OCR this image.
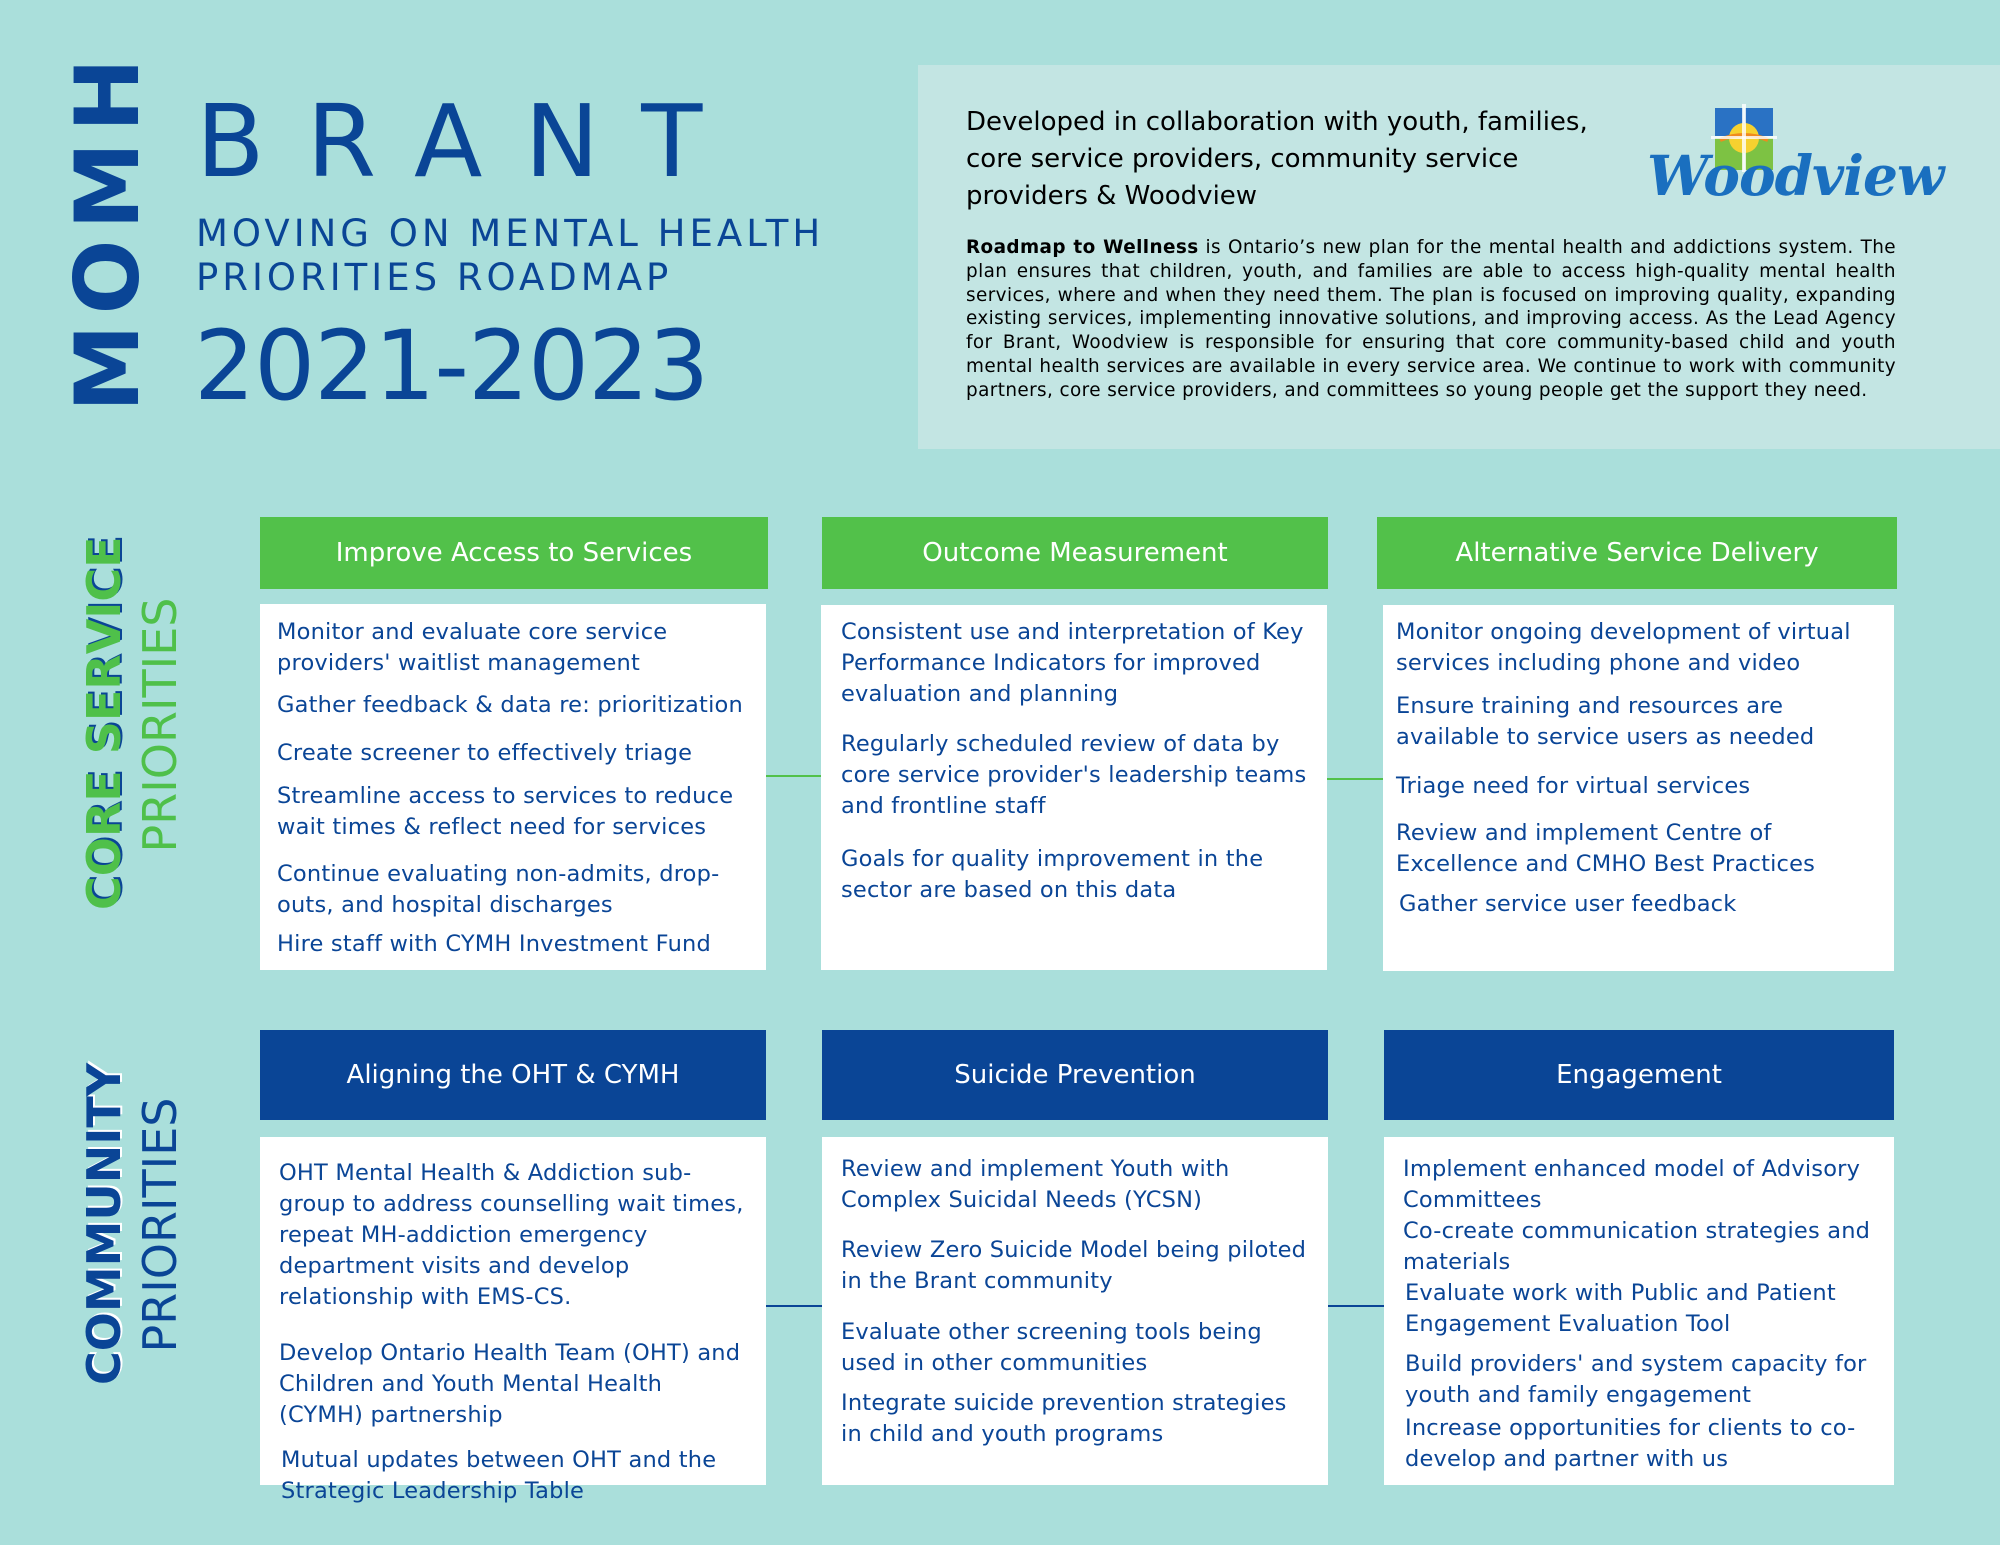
MOMH BRANT
MOVING ON MENTAL HEALTH
PRIORITIES ROADMAP
2021-2023
Developed in collaboration with youth, families, core service providers, community service providers & Woodview	Woodview
Roadmap to Wellness is Ontario’s new plan for the mental health and addictions system. The plan ensures that children, youth, and families are able to access high-quality mental health services, where and when they need them. The plan is focused on improving quality, expanding existing services, implementing innovative solutions, and improving access. As the Lead Agency for Brant, Woodview is responsible for ensuring that core community-based child and youth mental health services are available in every service area. We continue to work with community partners, core service providers, and committees so young people get the support they need.
CORE SERVICE PRIORITIES
COMMUNITY PRIORITIES
Improve Access to Services
Monitor and evaluate core service providers' waitlist management
Gather feedback & data re: prioritization
Create screener to effectively triage
Streamline access to services to reduce wait times & reflect need for services
Continue evaluating non-admits, drop-outs, and hospital discharges
Hire staff with CYMH Investment Fund
Outcome Measurement
Consistent use and interpretation of Key Performance Indicators for improved evaluation and planning
Regularly scheduled review of data by core service provider's leadership teams and frontline staff
Goals for quality improvement in the sector are based on this data
Alternative Service Delivery
Monitor ongoing development of virtual services including phone and video
Ensure training and resources are available to service users as needed
Triage need for virtual services
Review and implement Centre of Excellence and CMHO Best Practices
Gather service user feedback
Aligning the OHT & CYMH
OHT Mental Health & Addiction sub-group to address counselling wait times, repeat MH-addiction emergency department visits and develop relationship with EMS-CS.
Develop Ontario Health Team (OHT) and Children and Youth Mental Health (CYMH) partnership
Mutual updates between OHT and the Strategic Leadership Table
Suicide Prevention
Review and implement Youth with Complex Suicidal Needs (YCSN)
Review Zero Suicide Model being piloted in the Brant community
Evaluate other screening tools being used in other communities
Integrate suicide prevention strategies in child and youth programs
Engagement
Implement enhanced model of Advisory Committees
Co-create communication strategies and materials
Evaluate work with Public and Patient Engagement Evaluation Tool
Build providers' and system capacity for youth and family engagement
Increase opportunities for clients to co-develop and partner with us
